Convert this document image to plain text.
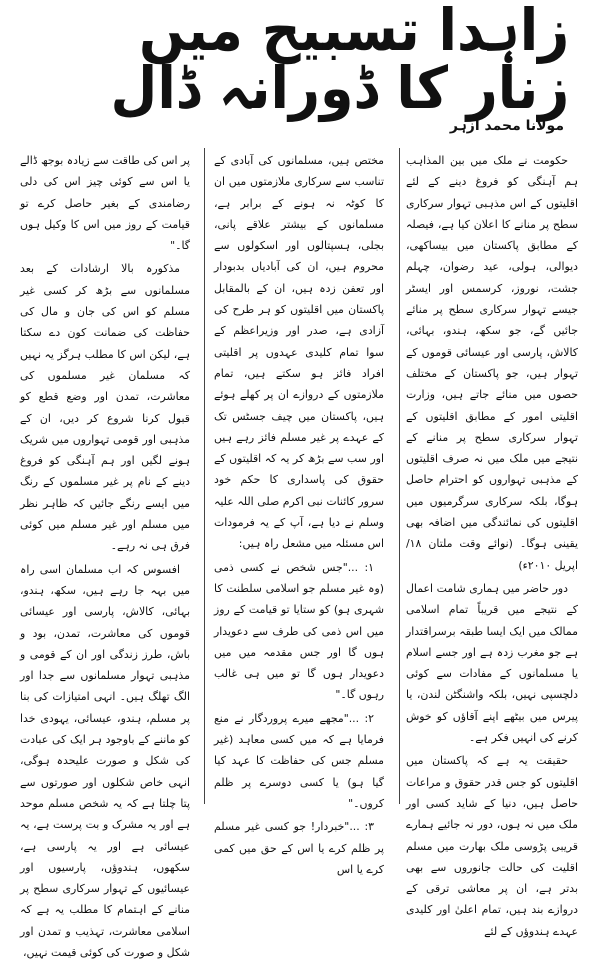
زاہدا تسبیح میں زنار کا ڈورانہ ڈال
مولانا محمد ازہر

حکومت نے ملک میں بین المذاہب ہم آہنگی کو فروغ دینے کے لئے اقلیتوں کے اس مذہبی تہوار سرکاری سطح پر منانے کا اعلان کیا ہے، فیصلہ کے مطابق پاکستان میں بیساکھی، دیوالی، ہولی، عید رضوان، چہلم جشت، نوروز، کرسمس اور ایسٹر جیسے تہوار سرکاری سطح پر منائے جائیں گے، جو سکھ، ہندو، بہائی، کالاش، پارسی اور عیسائی قوموں کے تہوار ہیں، جو پاکستان کے مختلف حصوں میں منائے جاتے ہیں، وزارت اقلیتی امور کے مطابق اقلیتوں کے تہوار سرکاری سطح پر منانے کے نتیجے میں ملک میں نہ صرف اقلیتوں کے مذہبی تہواروں کو احترام حاصل ہوگا، بلکہ سرکاری سرگرمیوں میں اقلیتوں کی نمائندگی میں اضافہ بھی یقینی ہوگا۔ (نوائے وقت ملتان ۱۸/اپریل ۲۰۱۰ء)

دور حاضر میں ہماری شامت اعمال کے نتیجے میں قریباً تمام اسلامی ممالک میں ایک ایسا طبقہ برسراقتدار ہے جو مغرب زدہ ہے اور جسے اسلام یا مسلمانوں کے مفادات سے کوئی دلچسپی نہیں، بلکہ واشنگٹن لندن، یا پیرس میں بیٹھے اپنے آقاؤں کو خوش کرنے کی انہیں فکر ہے۔

حقیقت یہ ہے کہ پاکستان میں اقلیتوں کو جس قدر حقوق و مراعات حاصل ہیں، دنیا کے شاید کسی اور ملک میں نہ ہوں، دور نہ جائیے ہمارے قریبی پڑوسی ملک بھارت میں مسلم اقلیت کی حالت جانوروں سے بھی بدتر ہے، ان پر معاشی ترقی کے دروازے بند ہیں، تمام اعلیٰ اور کلیدی عہدے ہندوؤں کے لئے

مختص ہیں، مسلمانوں کی آبادی کے تناسب سے سرکاری ملازمتوں میں ان کا کوٹہ نہ ہونے کے برابر ہے، مسلمانوں کے بیشتر علاقے پانی، بجلی، ہسپتالوں اور اسکولوں سے محروم ہیں، ان کی آبادیاں بدبودار اور تعفن زدہ ہیں، ان کے بالمقابل پاکستان میں اقلیتوں کو ہر طرح کی آزادی ہے، صدر اور وزیراعظم کے سوا تمام کلیدی عہدوں پر اقلیتی افراد فائز ہو سکتے ہیں، تمام ملازمتوں کے دروازے ان پر کھلے ہوئے ہیں، پاکستان میں چیف جسٹس تک کے عہدے پر غیر مسلم فائز رہے ہیں اور سب سے بڑھ کر یہ کہ اقلیتوں کے حقوق کی پاسداری کا حکم خود سرور کائنات نبی اکرم صلی اللہ علیہ وسلم نے دیا ہے، آپ کے یہ فرمودات اس مسئلہ میں مشعل راہ ہیں:

۱: ..."جس شخص نے کسی ذمی (وہ غیر مسلم جو اسلامی سلطنت کا شہری ہو) کو ستایا تو قیامت کے روز میں اس ذمی کی طرف سے دعویدار ہوں گا اور جس مقدمہ میں میں دعویدار ہوں گا تو میں ہی غالب رہوں گا۔"

۲: ..."مجھے میرے پروردگار نے منع فرمایا ہے کہ میں کسی معاہد (غیر مسلم جس کی حفاظت کا عہد کیا گیا ہو) یا کسی دوسرے پر ظلم کروں۔"

۳: ..."خبردار! جو کسی غیر مسلم پر ظلم کرے یا اس کے حق میں کمی کرے یا اس

پر اس کی طاقت سے زیادہ بوجھ ڈالے یا اس سے کوئی چیز اس کی دلی رضامندی کے بغیر حاصل کرے تو قیامت کے روز میں اس کا وکیل ہوں گا۔"

مذکورہ بالا ارشادات کے بعد مسلمانوں سے بڑھ کر کسی غیر مسلم کو اس کی جان و مال کی حفاظت کی ضمانت کون دے سکتا ہے، لیکن اس کا مطلب ہرگز یہ نہیں کہ مسلمان غیر مسلموں کی معاشرت، تمدن اور وضع قطع کو قبول کرنا شروع کر دیں، ان کے مذہبی اور قومی تہواروں میں شریک ہونے لگیں اور ہم آہنگی کو فروغ دینے کے نام پر غیر مسلموں کے رنگ میں ایسے رنگے جائیں کہ ظاہر نظر میں مسلم اور غیر مسلم میں کوئی فرق ہی نہ رہے۔

افسوس کہ اب مسلمان اسی راہ میں بہہ جا رہے ہیں، سکھ، ہندو، بہائی، کالاش، پارسی اور عیسائی قوموں کی معاشرت، تمدن، بود و باش، طرز زندگی اور ان کے قومی و مذہبی تہوار مسلمانوں سے جدا اور الگ تھلگ ہیں۔ انہی امتیازات کی بنا پر مسلم، ہندو، عیسائی، یہودی خدا کو ماننے کے باوجود ہر ایک کی عبادت کی شکل و صورت علیحدہ ہوگی، انہی خاص شکلوں اور صورتوں سے پتا چلتا ہے کہ یہ شخص مسلم موحد ہے اور یہ مشرک و بت پرست ہے، یہ عیسائی ہے اور یہ پارسی ہے، سکھوں، ہندوؤں، پارسیوں اور عیسائیوں کے تہوار سرکاری سطح پر منانے کے اہتمام کا مطلب یہ ہے کہ اسلامی معاشرت، تہذیب و تمدن اور شکل و صورت کی کوئی قیمت نہیں،
